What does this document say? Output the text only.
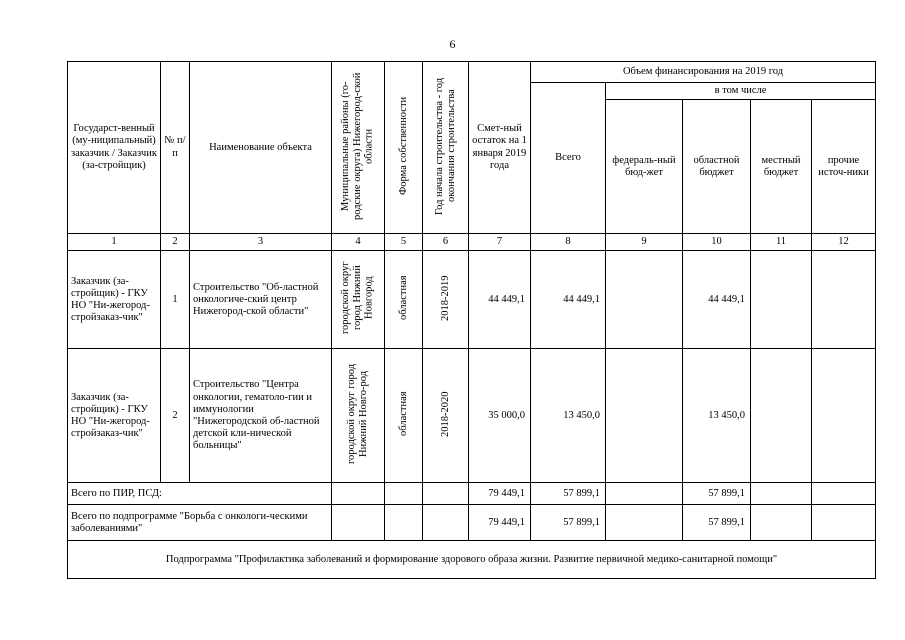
6
Государст-венный (му-ниципальный) заказчик / Заказчик (за-стройщик)	№ п/п	Наименование объекта	Муниципальные районы (го-родские округа) Нижегород-ской области	Форма собственности	Год начала строительства - год окончания строительства	Смет-ный остаток на 1 января 2019 года	Объем финансирования на 2019 год				
							Всего	в том числе			
								федераль-ный бюд-жет	областной бюджет	местный бюджет	прочие источ-ники
1	2	3	4	5	6	7	8	9	10	11	12
Заказчик (за-стройщик) - ГКУ НО "Ни-жегород-стройзаказ-чик"	1	Строительство "Об-ластной онкологиче-ский центр Нижегород-ской области"	городской округ город Нижний Новгород	областная	2018-2019	44 449,1	44 449,1		44 449,1		
Заказчик (за-стройщик) - ГКУ НО "Ни-жегород-стройзаказ-чик"	2	Строительство "Центра онкологии, гематоло-гии и иммунологии "Нижегородской об-ластной детской кли-нической больницы"	городской округ город Нижний Новго-род	областная	2018-2020	35 000,0	13 450,0		13 450,0		
Всего по ПИР, ПСД:						79 449,1	57 899,1		57 899,1		
Всего по подпрограмме "Борьба с онкологи-ческими заболеваниями"						79 449,1	57 899,1		57 899,1		
Подпрограмма "Профилактика заболеваний и формирование здорового образа жизни. Развитие первичной медико-санитарной помощи"											
